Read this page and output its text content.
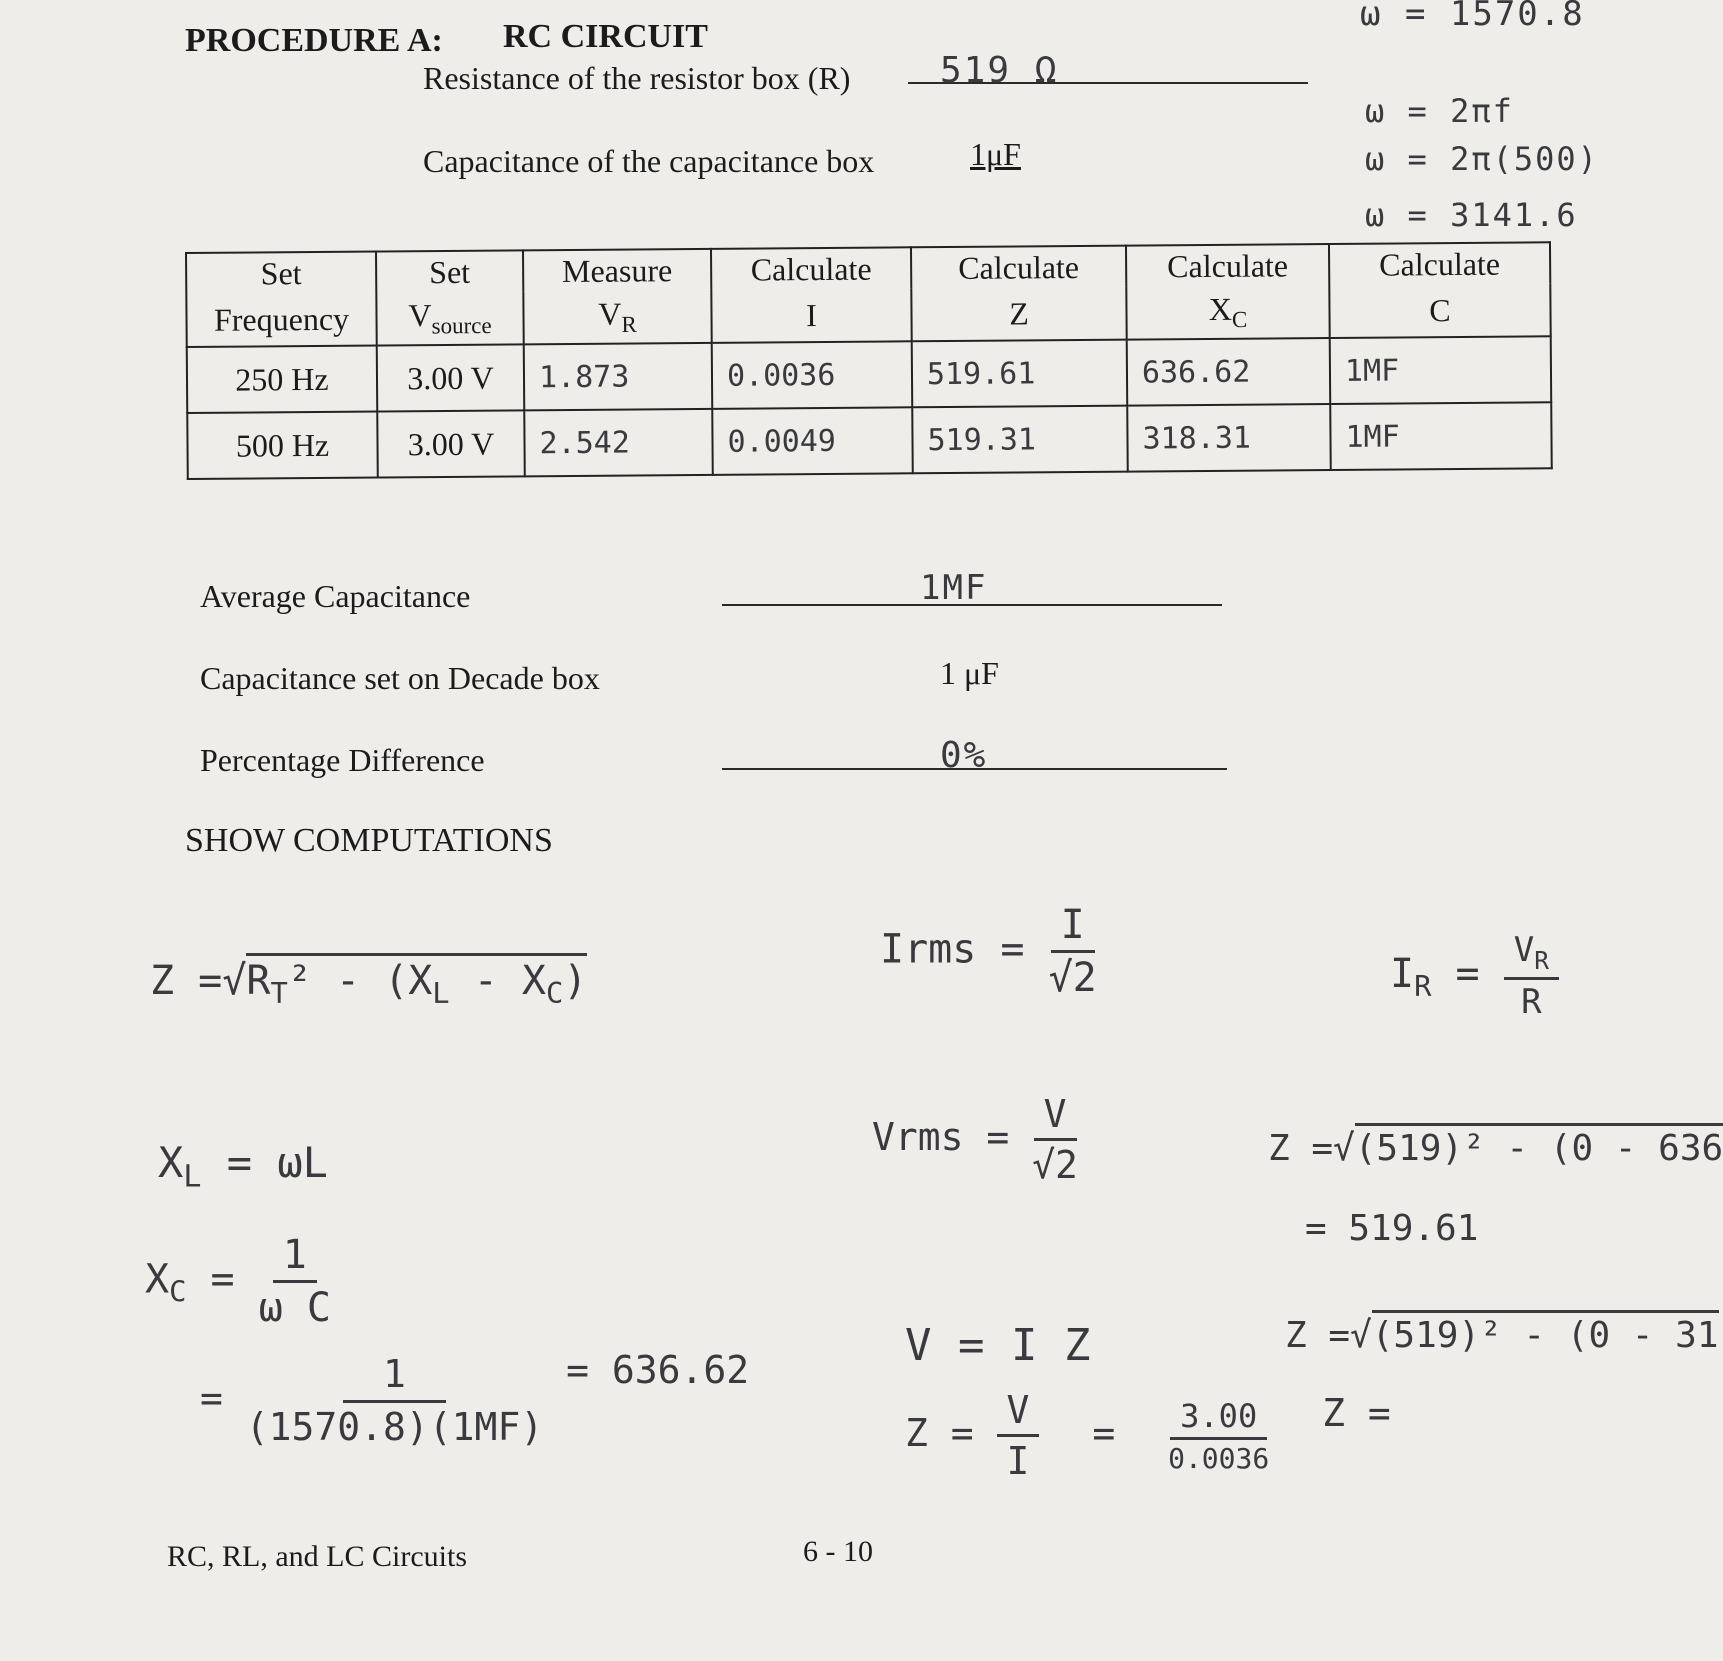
PROCEDURE A: RC CIRCUIT
Resistance of the resistor box (R) 519 Ω
Capacitance of the capacitance box	1μF
ω = 1570.8
ω = 2πf
ω = 2π(500)
ω = 3141.6
Set	Set	Measure	Calculate	Calculate	Calculate	Calculate
Frequency	$V_{source}$	$V_R$	I	Z	$X_C$	C
250 Hz	3.00 V	1.873	0.0036	519.61	636.62	1MF
500 Hz	3.00 V	2.542	0.0049	519.31	318.31	1MF
Average Capacitance	1MF
Capacitance set on Decade box	1 μF
Percentage Difference	0%
SHOW COMPUTATIONS
$Z =√R_T^2 - (X_L - X_C)$
$X_L = \omega L$
$X_C = \frac{1}{\text{ω C}}$
= $\frac{1}{(1570.8)(1MF)} = 636.62$
Irms = $\frac{I}{√2}$
Vrms = $\frac{V}{√2}$
V = I Z
$Z = \frac{V}{I} = \frac{3.00}{0.0036}$ Z =
$I_R = \frac{V_R}{R}$
Z =√(519)² - (0 - 636
= 519.61
Z =√(519)² - (0 - 31
RC, RL, and LC Circuits	6 - 10
